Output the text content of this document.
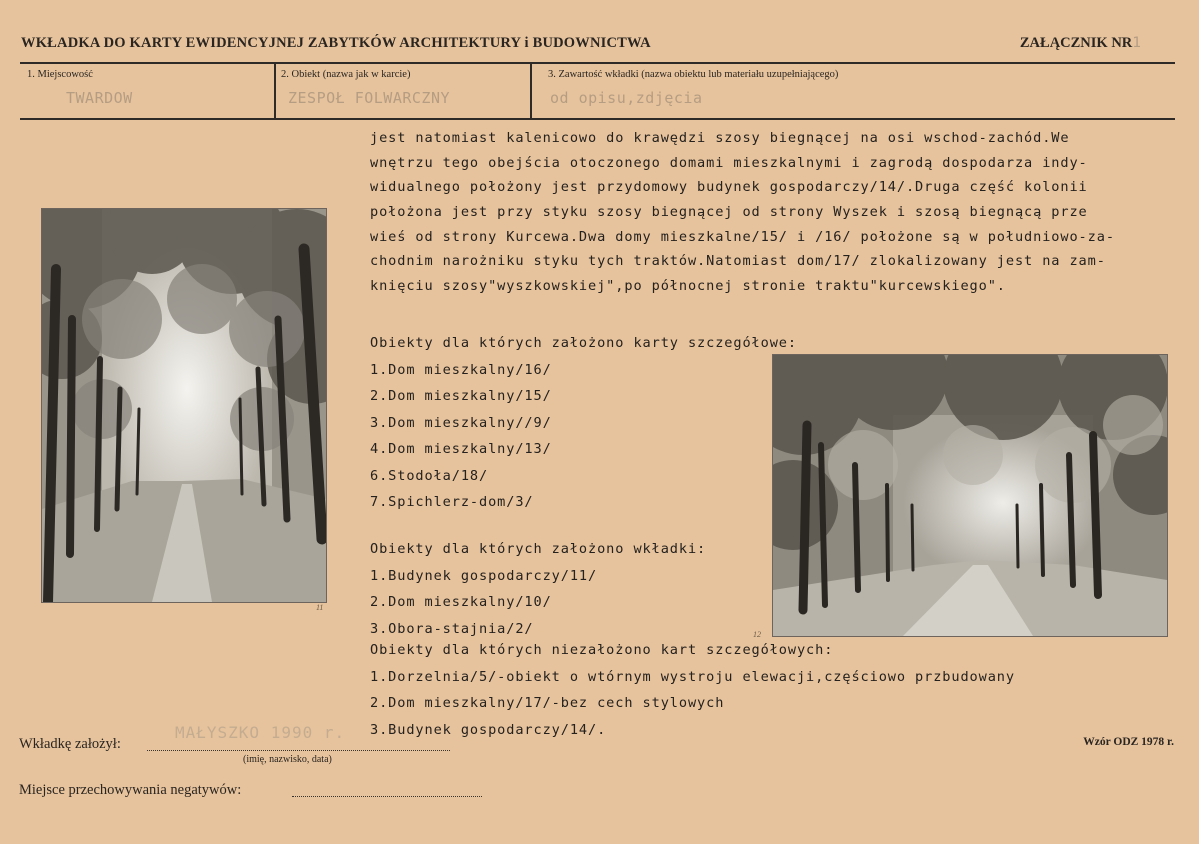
WKŁADKA DO KARTY EWIDENCYJNEJ ZABYTKÓW ARCHITEKTURY i BUDOWNICTWA	ZAŁĄCZNIK NR1
1. Miejscowość	2. Obiekt (nazwa jak w karcie)	3. Zawartość wkładki (nazwa obiektu lub materiału uzupełniającego)
TWARDOW	ZESPOŁ FOLWARCZNY	od opisu,zdjęcia
jest natomiast kalenicowo do krawędzi szosy biegnącej na osi wschod-zachód.We
wnętrzu tego obejścia otoczonego domami mieszkalnymi i zagrodą dospodarza indy-
widualnego położony jest przydomowy budynek gospodarczy/14/.Druga część kolonii
położona jest przy styku szosy biegnącej od strony Wyszek i szosą biegnącą prze
wieś od strony Kurcewa.Dwa domy mieszkalne/15/ i /16/ położone są w południowo-za-
chodnim narożniku styku tych traktów.Natomiast dom/17/ zlokalizowany jest na zam-
knięciu szosy"wyszkowskiej",po północnej stronie traktu"kurcewskiego".
Obiekty dla których założono karty szczegółowe:
1.Dom mieszkalny/16/
2.Dom mieszkalny/15/
3.Dom mieszkalny//9/
4.Dom mieszkalny/13/
6.Stodoła/18/
7.Spichlerz-dom/3/
Obiekty dla których założono wkładki:
1.Budynek gospodarczy/11/
2.Dom mieszkalny/10/
3.Obora-stajnia/2/
Obiekty dla których niezałożono kart szczegółowych:
1.Dorzelnia/5/-obiekt o wtórnym wystroju elewacji,częściowo przbudowany
2.Dom mieszkalny/17/-bez cech stylowych
3.Budynek gospodarczy/14/.
11
12
Wkładkę założył:
MAŁYSZKO 1990 r.
(imię, nazwisko, data)
Miejsce przechowywania negatywów:
Wzór ODZ 1978 r.
